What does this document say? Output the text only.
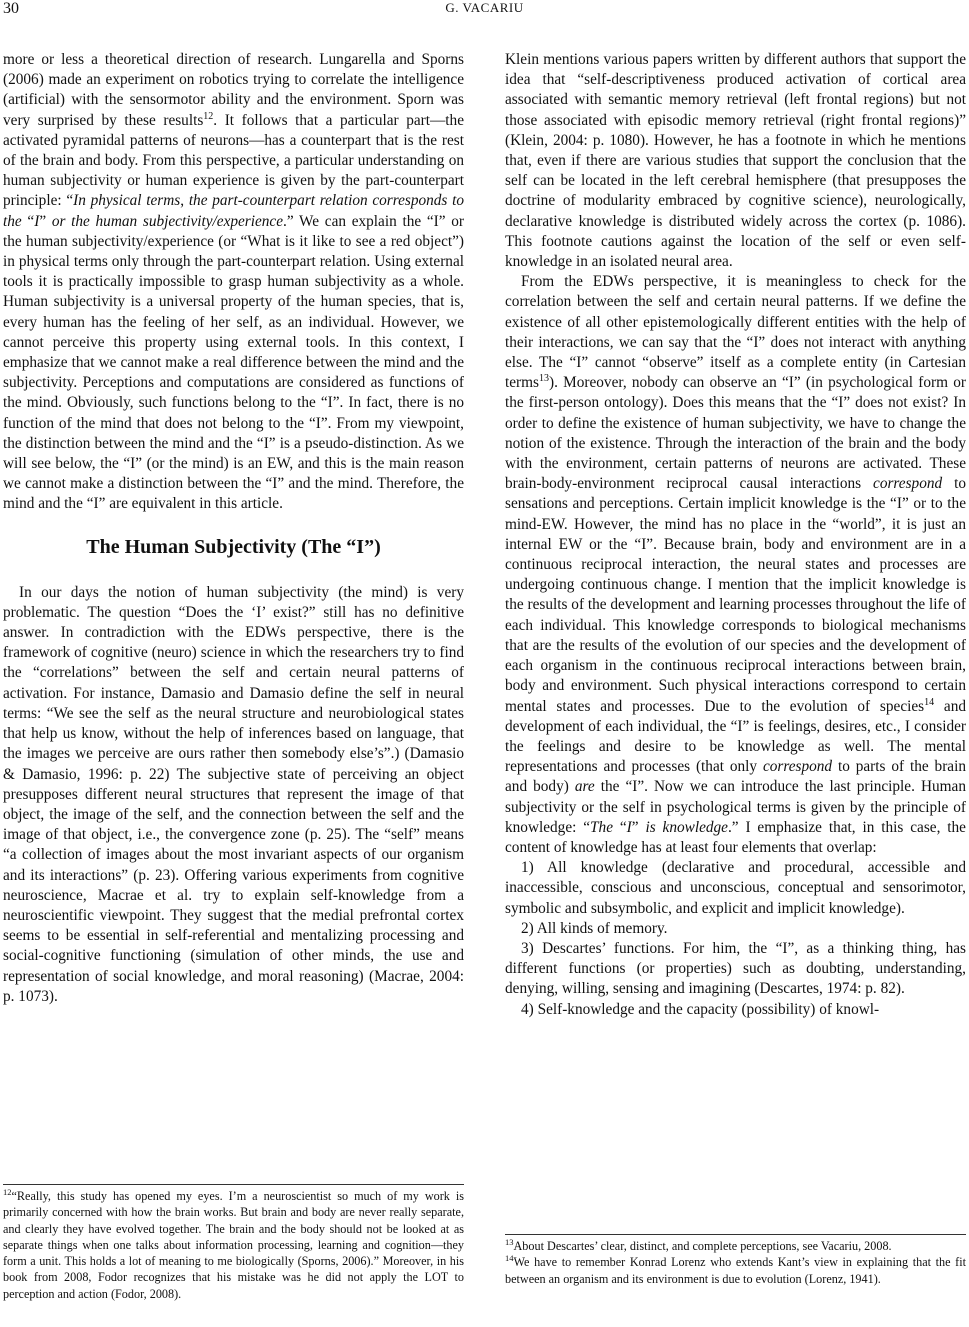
30	G. VACARIU

more or less a theoretical direction of research. Lungarella and Sporns (2006) made an experiment on robotics trying to correlate the intelligence (artificial) with the sensormotor ability and the environment. Sporn was very surprised by these results$^{12}$. It follows that a particular part—the activated pyramidal patterns of neurons—has a counterpart that is the rest of the brain and body. From this perspective, a particular understanding on human subjectivity or human experience is given by the part-counterpart principle: “In physical terms, the part-counterpart relation corresponds to the “I” or the human subjectivity/experience.” We can explain the “I” or the human subjectivity/experience (or “What is it like to see a red object”) in physical terms only through the part-counterpart relation. Using external tools it is practically impossible to grasp human subjectivity as a whole. Human subjectivity is a universal property of the human species, that is, every human has the feeling of her self, as an individual. However, we cannot perceive this property using external tools. In this context, I emphasize that we cannot make a real difference between the mind and the subjectivity. Perceptions and computations are considered as functions of the mind. Obviously, such functions belong to the “I”. In fact, there is no function of the mind that does not belong to the “I”. From my viewpoint, the distinction between the mind and the “I” is a pseudo-distinction. As we will see below, the “I” (or the mind) is an EW, and this is the main reason we cannot make a distinction between the “I” and the mind. Therefore, the mind and the “I” are equivalent in this article.

The Human Subjectivity (The “I”)

In our days the notion of human subjectivity (the mind) is very problematic. The question “Does the ‘I’ exist?” still has no definitive answer. In contradiction with the EDWs perspective, there is the framework of cognitive (neuro) science in which the researchers try to find the “correlations” between the self and certain neural patterns of activation. For instance, Damasio and Damasio define the self in neural terms: “We see the self as the neural structure and neurobiological states that help us know, without the help of inferences based on language, that the images we perceive are ours rather then somebody else’s”.) (Damasio & Damasio, 1996: p. 22) The subjective state of perceiving an object presupposes different neural structures that represent the image of that object, the image of the self, and the connection between the self and the image of that object, i.e., the convergence zone (p. 25). The “self” means “a collection of images about the most invariant aspects of our organism and its interactions” (p. 23). Offering various experiments from cognitive neuroscience, Macrae et al. try to explain self-knowledge from a neuroscientific viewpoint. They suggest that the medial prefrontal cortex seems to be essential in self-referential and mentalizing processing and social-cognitive functioning (simulation of other minds, the use and representation of social knowledge, and moral reasoning) (Macrae, 2004: p. 1073).

Klein mentions various papers written by different authors that support the idea that “self-descriptiveness produced activation of cortical area associated with semantic memory retrieval (left frontal regions) but not those associated with episodic memory retrieval (right frontal regions)” (Klein, 2004: p. 1080). However, he has a footnote in which he mentions that, even if there are various studies that support the conclusion that the self can be located in the left cerebral hemisphere (that presupposes the doctrine of modularity embraced by cognitive science), neurologically, declarative knowledge is distributed widely across the cortex (p. 1086). This footnote cautions against the location of the self or even self-knowledge in an isolated neural area.

From the EDWs perspective, it is meaningless to check for the correlation between the self and certain neural patterns. If we define the existence of all other epistemologically different entities with the help of their interactions, we can say that the “I” does not interact with anything else. The “I” cannot “observe” itself as a complete entity (in Cartesian terms$^{13}$). Moreover, nobody can observe an “I” (in psychological form or the first-person ontology). Does this means that the “I” does not exist? In order to define the existence of human subjectivity, we have to change the notion of the existence. Through the interaction of the brain and the body with the environment, certain patterns of neurons are activated. These brain-body-environment reciprocal causal interactions correspond to sensations and perceptions. Certain implicit knowledge is the “I” or to the mind-EW. However, the mind has no place in the “world”, it is just an internal EW or the “I”. Because brain, body and environment are in a continuous reciprocal interaction, the neural states and processes are undergoing continuous change. I mention that the implicit knowledge is the results of the development and learning processes throughout the life of each individual. This knowledge corresponds to biological mechanisms that are the results of the evolution of our species and the development of each organism in the continuous reciprocal interactions between brain, body and environment. Such physical interactions correspond to certain mental states and processes. Due to the evolution of species$^{14}$ and development of each individual, the “I” is feelings, desires, etc., I consider the feelings and desire to be knowledge as well. The mental representations and processes (that only correspond to parts of the brain and body) are the “I”. Now we can introduce the last principle. Human subjectivity or the self in psychological terms is given by the principle of knowledge: “The “I” is knowledge.” I emphasize that, in this case, the content of knowledge has at least four elements that overlap:

1) All knowledge (declarative and procedural, accessible and inaccessible, conscious and unconscious, conceptual and sensorimotor, symbolic and subsymbolic, and explicit and implicit knowledge).

2) All kinds of memory.

3) Descartes’ functions. For him, the “I”, as a thinking thing, has different functions (or properties) such as doubting, understanding, denying, willing, sensing and imagining (Descartes, 1974: p. 82).

4) Self-knowledge and the capacity (possibility) of knowl-

$^{12}$“Really, this study has opened my eyes. I’m a neuroscientist so much of my work is primarily concerned with how the brain works. But brain and body are never really separate, and clearly they have evolved together. The brain and the body should not be looked at as separate things when one talks about information processing, learning and cognition—they form a unit. This holds a lot of meaning to me biologically (Sporns, 2006).” Moreover, in his book from 2008, Fodor recognizes that his mistake was he did not apply the LOT to perception and action (Fodor, 2008).

$^{13}$About Descartes’ clear, distinct, and complete perceptions, see Vacariu, 2008.

$^{14}$We have to remember Konrad Lorenz who extends Kant’s view in explaining that the fit between an organism and its environment is due to evolution (Lorenz, 1941).
